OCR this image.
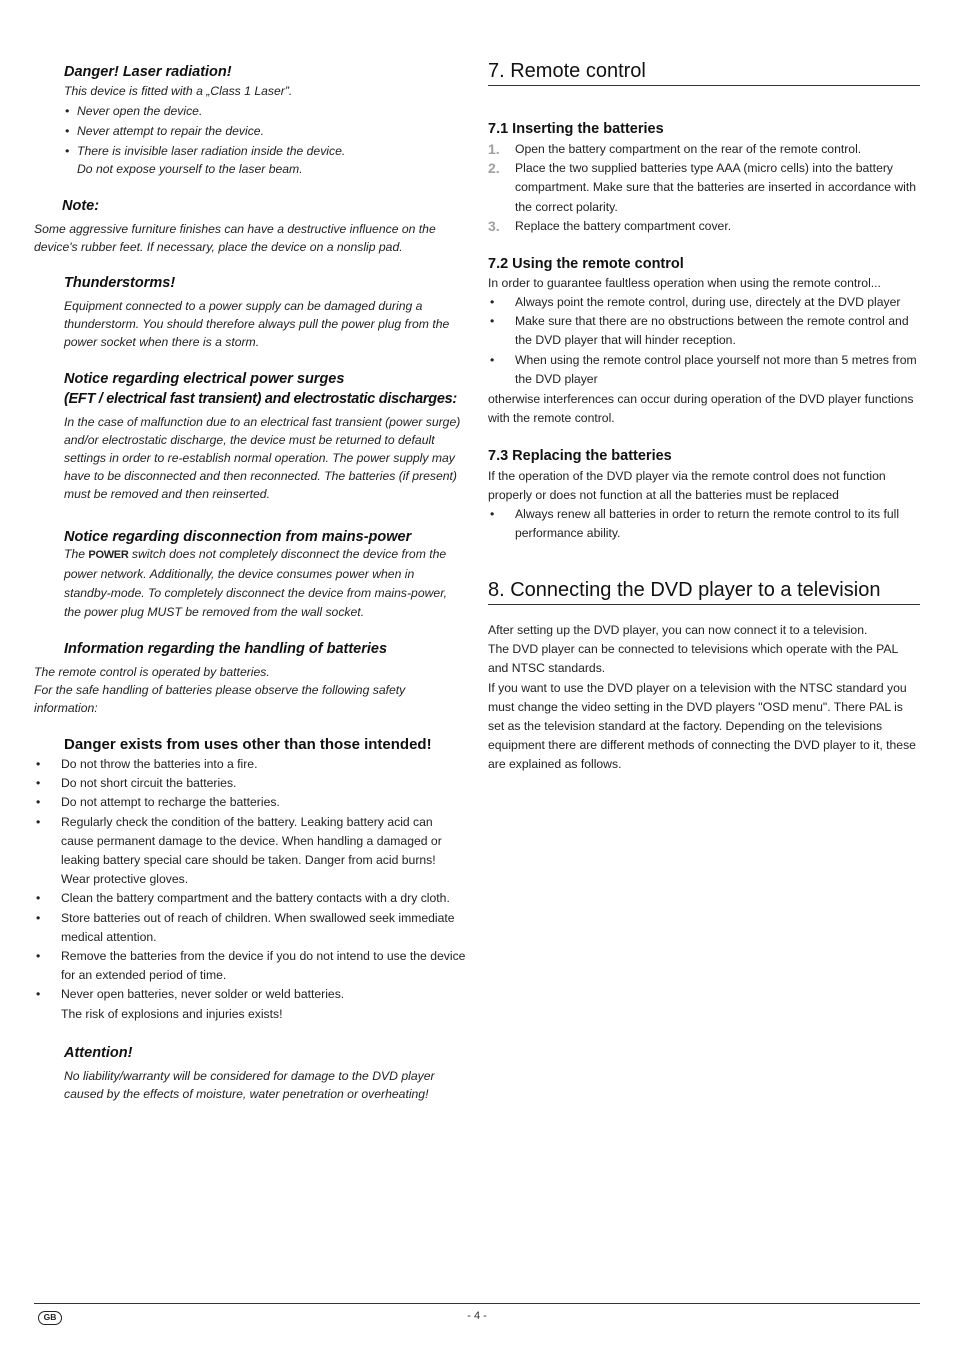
Danger! Laser radiation!
This device is fitted with a „Class 1 Laser”.
• Never open the device.
• Never attempt to repair the device.
• There is invisible laser radiation inside the device.
Do not expose yourself to the laser beam.
Note:
Some aggressive furniture finishes can have a destructive influence on the device's rubber feet. If necessary, place the device on a nonslip pad.
Thunderstorms!
Equipment connected to a power supply can be damaged during a thunderstorm. You should therefore always pull the power plug from the power socket when there is a storm.
Notice regarding electrical power surges
(EFT / electrical fast transient) and electrostatic discharges:
In the case of malfunction due to an electrical fast transient (power surge) and/or electrostatic discharge, the device must be returned to default settings in order to re-establish normal operation. The power supply may have to be disconnected and then reconnected. The batteries (if present) must be removed and then reinserted.
Notice regarding disconnection from mains-power
The POWER switch does not completely disconnect the device from the power network. Additionally, the device consumes power when in standby-mode. To completely disconnect the device from mains-power, the power plug MUST be removed from the wall socket.
Information regarding the handling of batteries
The remote control is operated by batteries.
For the safe handling of batteries please observe the following safety information:
Danger exists from uses other than those intended!
• Do not throw the batteries into a fire.
• Do not short circuit the batteries.
• Do not attempt to recharge the batteries.
• Regularly check the condition of the battery. Leaking battery acid can cause permanent damage to the device. When handling a damaged or leaking battery special care should be taken. Danger from acid burns! Wear protective gloves.
• Clean the battery compartment and the battery contacts with a dry cloth.
• Store batteries out of reach of children. When swallowed seek immediate medical attention.
• Remove the batteries from the device if you do not intend to use the device for an extended period of time.
• Never open batteries, never solder or weld batteries.
The risk of explosions and injuries exists!
Attention!
No liability/warranty will be considered for damage to the DVD player caused by the effects of moisture, water penetration or overheating!
7. Remote control
7.1 Inserting the batteries
1. Open the battery compartment on the rear of the remote control.
2. Place the two supplied batteries type AAA (micro cells) into the battery compartment. Make sure that the batteries are inserted in accordance with the correct polarity.
3. Replace the battery compartment cover.
7.2 Using the remote control
In order to guarantee faultless operation when using the remote control...
• Always point the remote control, during use, directely at the DVD player
• Make sure that there are no obstructions between the remote control and the DVD player that will hinder reception.
• When using the remote control place yourself not more than 5 metres from the DVD player
otherwise interferences can occur during operation of the DVD player functions with the remote control.
7.3 Replacing the batteries
If the operation of the DVD player via the remote control does not function properly or does not function at all the batteries must be replaced
• Always renew all batteries in order to return the remote control to its full performance ability.
8. Connecting the DVD player to a television
After setting up the DVD player, you can now connect it to a television.
The DVD player can be connected to televisions which operate with the PAL and NTSC standards.
If you want to use the DVD player on a television with the NTSC standard you must change the video setting in the DVD players "OSD menu". There PAL is set as the television standard at the factory. Depending on the televisions equipment there are different methods of connecting the DVD player to it, these are explained as follows.
GB	- 4 -
